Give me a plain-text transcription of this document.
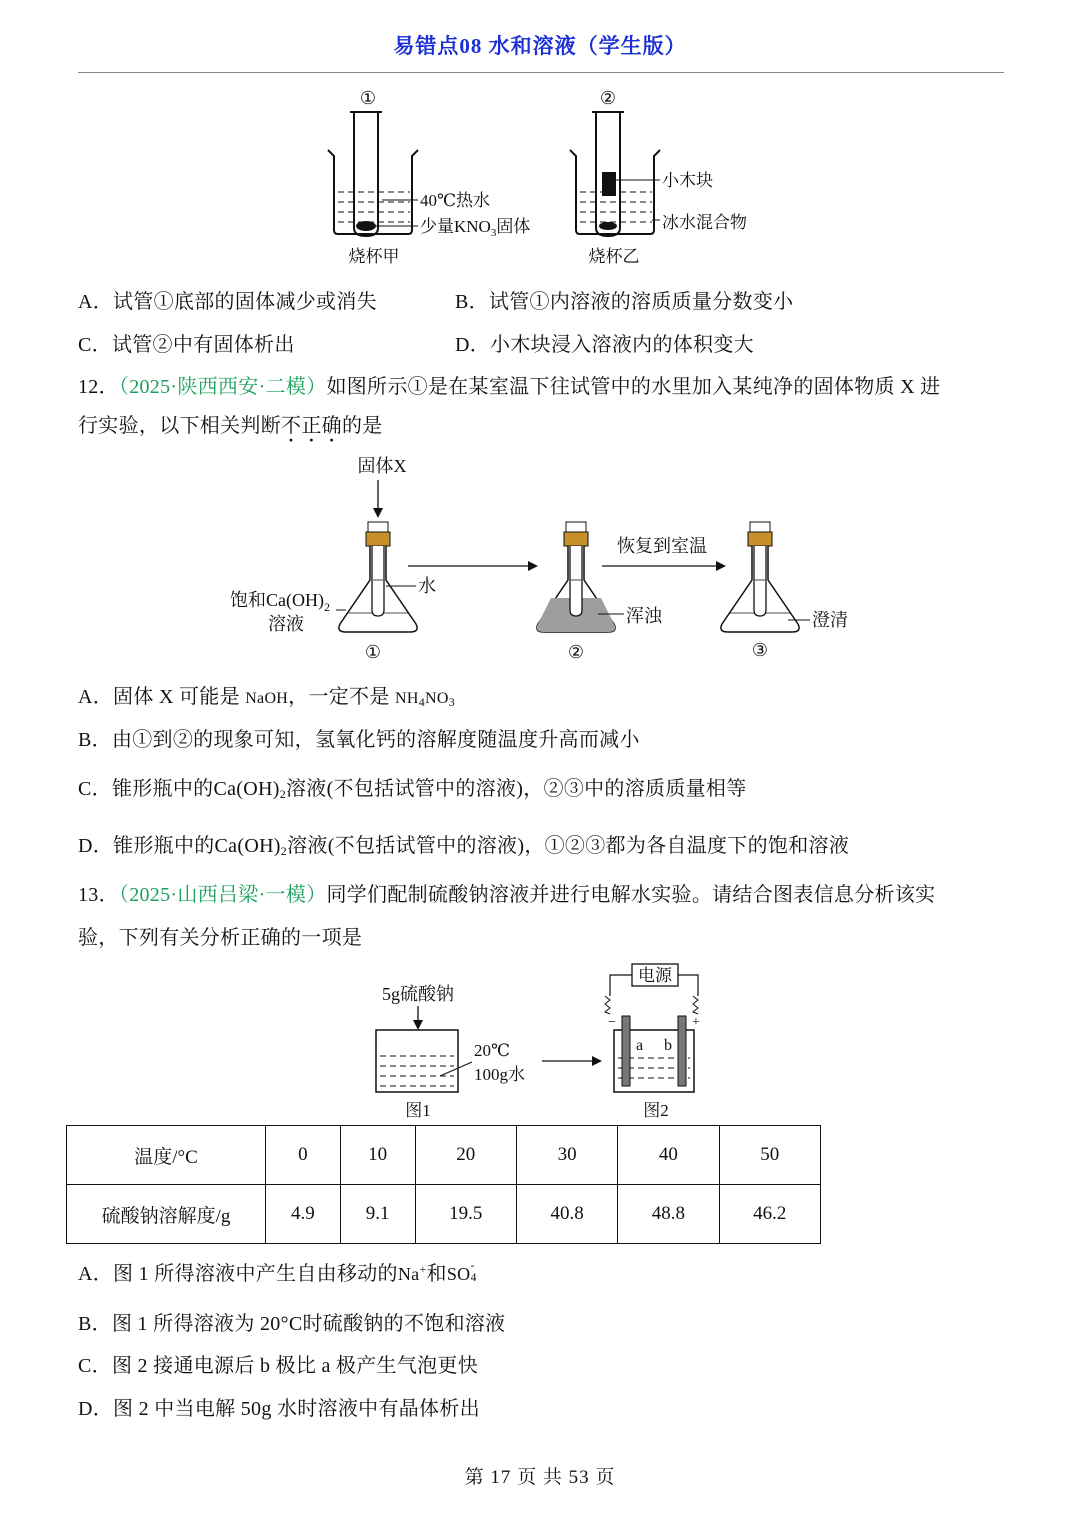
易错点08 水和溶液（学生版）
①
40℃热水
少量$KNO_3$固体
烧杯甲
②
小木块
冰水混合物
烧杯乙
A．试管①底部的固体减少或消失	B．试管①内溶液的溶质质量分数变小
C．试管②中有固体析出	D．小木块浸入溶液内的体积变大
12．（2025·陕西西安·二模）如图所示①是在某室温下往试管中的水里加入某纯净的固体物质 X 进
行实验，以下相关判断不正确的是
固体X
水
饱和$Ca(OH)_2$
溶液
①
浑浊
②
恢复到室温
澄清
③
A．固体 X 可能是 NaOH，一定不是 $NH_4NO_3$
B．由①到②的现象可知，氢氧化钙的溶解度随温度升高而减小
C．锥形瓶中的$Ca(OH)_2$溶液(不包括试管中的溶液)，②③中的溶质质量相等
D．锥形瓶中的$Ca(OH)_2$溶液(不包括试管中的溶液)，①②③都为各自温度下的饱和溶液
13．（2025·山西吕梁·一模）同学们配制硫酸钠溶液并进行电解水实验。请结合图表信息分析该实
验，下列有关分析正确的一项是
5g硫酸钠
20℃
100g水
图1
电源
−	+
a b
图2
温度/°C	0	10	20	30	40	50
硫酸钠溶解度/g	4.9	9.1	19.5	40.8	48.8	46.2
A．图 1 所得溶液中产生自由移动的Na+和SO -
4
B．图 1 所得溶液为 20°C时硫酸钠的不饱和溶液
C．图 2 接通电源后 b 极比 a 极产生气泡更快
D．图 2 中当电解 50g 水时溶液中有晶体析出
第 17 页 共 53 页
